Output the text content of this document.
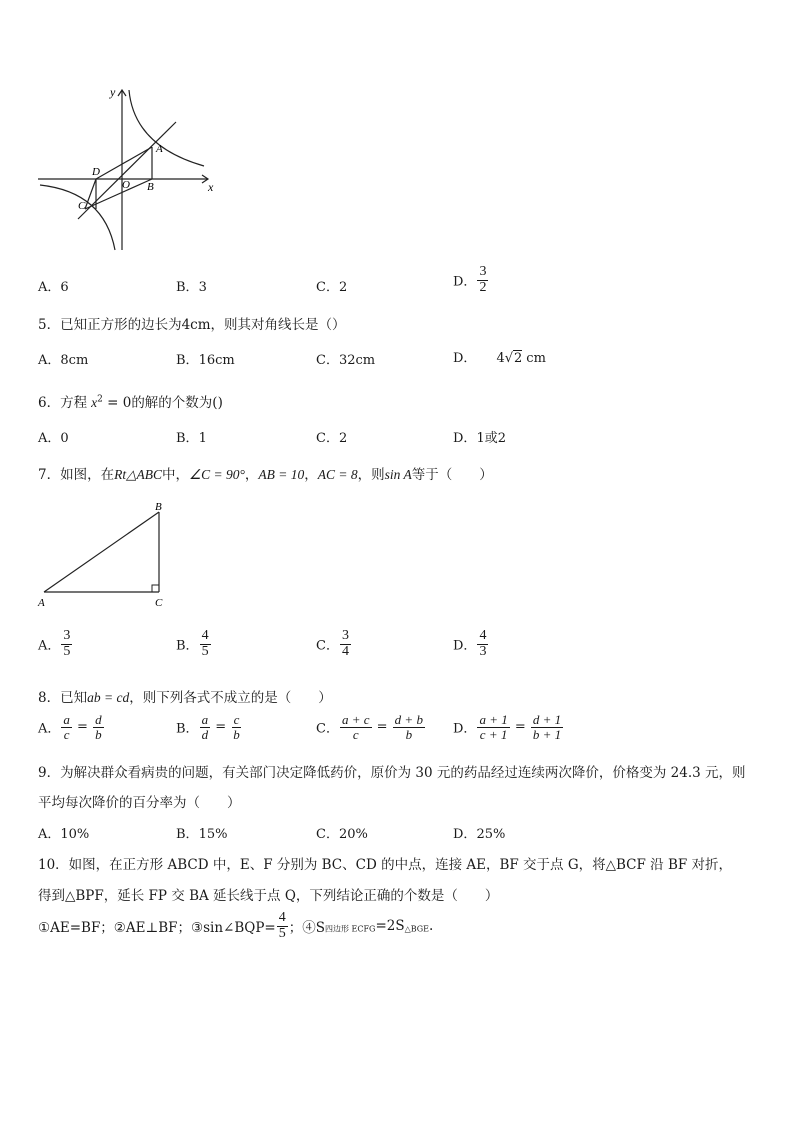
y
x
A
B
C
D
O
A．6	B．3	C．2	D． $\frac{3}{2}$
5．已知正方形的边长为4cm，则其对角线长是（）
A．8cm	B．16cm	C．32cm	D． 4√2 cm
6．方程 $x^2 = 0$的解的个数为()
A．0	B．1	C．2	D．1或2
7．如图，在Rt△ABC中，∠C = 90°，AB = 10，AC = 8，则sin A等于（　　）
B
A	C
A． $\frac{3}{5}$	B． $\frac{4}{5}$	C． $\frac{3}{4}$	D． $\frac{4}{3}$
8．已知ab = cd，则下列各式不成立的是（　　）
A． $\frac{a}{c} = \frac{d}{b}$	B． $\frac{a}{d} = \frac{c}{b}$	C． $\frac{a + c}{c} = \frac{d + b}{b}$ D． $\frac{a + 1}{c + 1} = \frac{d + 1}{b + 1}$
9．为解决群众看病贵的问题，有关部门决定降低药价，原价为 30 元的药品经过连续两次降价，价格变为 24.3 元，则
平均每次降价的百分率为（　　）
A．10%	B．15%	C．20%	D．25%
10．如图，在正方形 ABCD 中，E、F 分别为 BC、CD 的中点，连接 AE，BF 交于点 G，将△BCF 沿 BF 对折，
得到△BPF，延长 FP 交 BA 延长线于点 Q，下列结论正确的个数是（　　）
①AE=BF；②AE⊥BF；③sin∠BQP= $\frac{4}{5}$ ；$④S_{四边形 ECFG}=2S_{\triangle BGE}$.
